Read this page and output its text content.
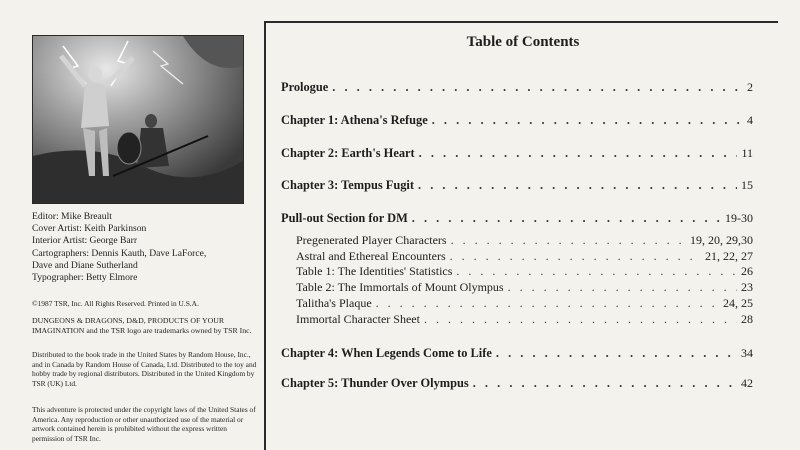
Editor: Mike Breault
Cover Artist: Keith Parkinson
Interior Artist: George Barr
Cartographers: Dennis Kauth, Dave LaForce,
Dave and Diane Sutherland
Typographer: Betty Elmore

©1987 TSR, Inc. All Rights Reserved. Printed in U.S.A.

DUNGEONS & DRAGONS, D&D, PRODUCTS OF YOUR IMAGINATION and the TSR logo are trademarks owned by TSR Inc.

Distributed to the book trade in the United States by Random House, Inc., and in Canada by Random House of Canada, Ltd. Distributed to the toy and hobby trade by regional distributors. Distributed in the United Kingdom by TSR (UK) Ltd.

This adventure is protected under the copyright laws of the United States of America. Any reproduction or other unauthorized use of the material or artwork contained herein is prohibited without the express written permission of TSR Inc.

Table of Contents
Prologue . . .	2
Chapter 1: Athena's Refuge . . .	4
Chapter 2: Earth's Heart . . .	11
Chapter 3: Tempus Fugit . . .	15
Pull-out Section for DM . . .	19-30
Pregenerated Player Characters . . .	19, 20, 29,30
Astral and Ethereal Encounters . . .	21, 22, 27
Table 1: The Identities' Statistics . . .	26
Table 2: The Immortals of Mount Olympus . . .	23
Talitha's Plaque . . .	24, 25
Immortal Character Sheet . . .	28
Chapter 4: When Legends Come to Life . . .	34
Chapter 5: Thunder Over Olympus . . .	42
